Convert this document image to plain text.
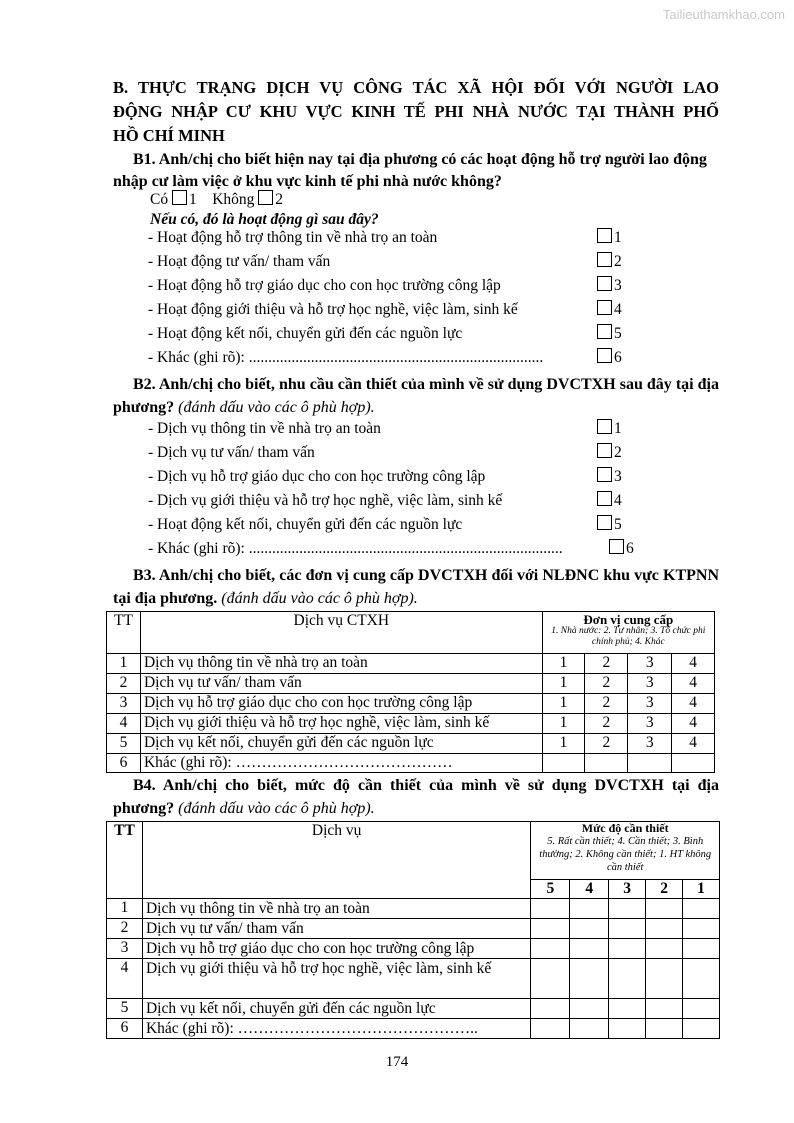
Tailieuthamkhao.com
B. THỰC TRẠNG DỊCH VỤ CÔNG TÁC XÃ HỘI ĐỐI VỚI NGƯỜI LAO
ĐỘNG NHẬP CƯ KHU VỰC KINH TẾ PHI NHÀ NƯỚC TẠI THÀNH PHỐ
HỒ CHÍ MINH
B1. Anh/chị cho biết hiện nay tại địa phương có các hoạt động hỗ trợ người lao động nhập cư làm việc ở khu vực kinh tế phi nhà nước không?
Có 1 Không 2
Nếu có, đó là hoạt động gì sau đây?
- Hoạt động hỗ trợ thông tin về nhà trọ an toàn	1
- Hoạt động tư vấn/ tham vấn	2
- Hoạt động hỗ trợ giáo dục cho con học trường công lập	3
- Hoạt động giới thiệu và hỗ trợ học nghề, việc làm, sinh kế	4
- Hoạt động kết nối, chuyển gửi đến các nguồn lực	5
- Khác (ghi rõ): ............................................................................	6
B2. Anh/chị cho biết, nhu cầu cần thiết của mình về sử dụng DVCTXH sau đây tại địa phương? (đánh dấu vào các ô phù hợp).
- Dịch vụ thông tin về nhà trọ an toàn	1
- Dịch vụ tư vấn/ tham vấn	2
- Dịch vụ hỗ trợ giáo dục cho con học trường công lập	3
- Dịch vụ giới thiệu và hỗ trợ học nghề, việc làm, sinh kế	4
- Hoạt động kết nối, chuyển gửi đến các nguồn lực	5
- Khác (ghi rõ): .................................................................................	6
B3. Anh/chị cho biết, các đơn vị cung cấp DVCTXH đối với NLĐNC khu vực KTPNN tại địa phương. (đánh dấu vào các ô phù hợp).
TT	Dịch vụ CTXH	Đơn vị cung cấp
1. Nhà nước: 2. Tư nhân; 3. Tổ chức phi chính phủ; 4. Khác			

1	Dịch vụ thông tin về nhà trọ an toàn	1	2	3	4
2	Dịch vụ tư vấn/ tham vấn	1	2	3	4
3	Dịch vụ hỗ trợ giáo dục cho con học trường công lập	1	2	3	4
4	Dịch vụ giới thiệu và hỗ trợ học nghề, việc làm, sinh kế	1	2	3	4
5	Dịch vụ kết nối, chuyển gửi đến các nguồn lực	1	2	3	4
6	Khác (ghi rõ): ……………………………………				
B4. Anh/chị cho biết, mức độ cần thiết của mình về sử dụng DVCTXH tại địa phương? (đánh dấu vào các ô phù hợp).
TT	Dịch vụ	Mức độ cần thiết
5. Rất cần thiết; 4. Cần thiết; 3. Bình thường; 2. Không cần thiết; 1. HT không cần thiết				

		5	4	3	2	1
1	Dịch vụ thông tin về nhà trọ an toàn					
2	Dịch vụ tư vấn/ tham vấn					
3	Dịch vụ hỗ trợ giáo dục cho con học trường công lập					
4	Dịch vụ giới thiệu và hỗ trợ học nghề, việc làm, sinh kế					
5	Dịch vụ kết nối, chuyển gửi đến các nguồn lực					
6	Khác (ghi rõ): ………………………………………..					
174
